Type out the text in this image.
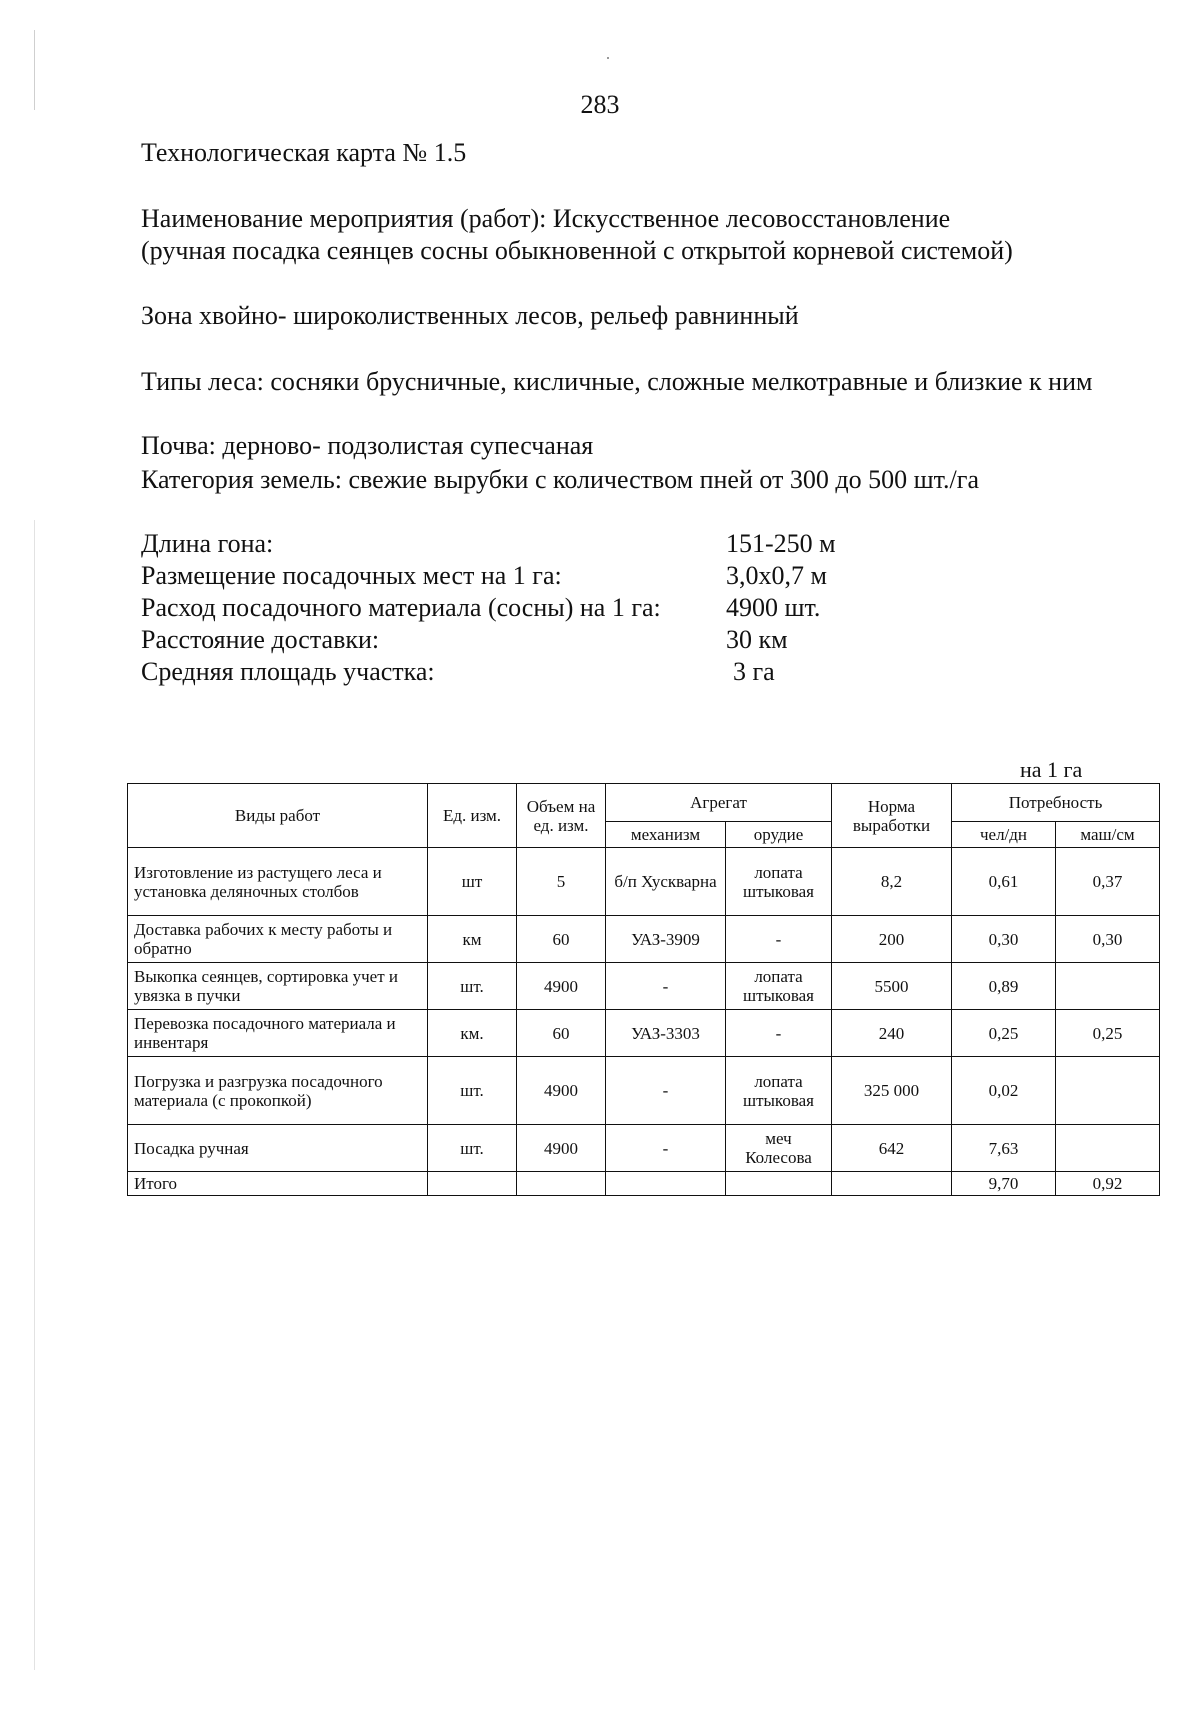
283
Технологическая карта № 1.5
Наименование мероприятия (работ): Искусственное лесовосстановление
(ручная посадка сеянцев сосны обыкновенной с открытой корневой системой)
Зона хвойно- широколиственных лесов, рельеф равнинный
Типы леса: сосняки брусничные, кисличные, сложные мелкотравные и близкие к ним
Почва: дерново- подзолистая супесчаная
Категория земель: свежие вырубки с количеством пней от 300 до 500 шт./га
Длина гона:	151-250 м
Размещение посадочных мест на 1 га:	3,0х0,7 м
Расход посадочного материала (сосны) на 1 га:	4900 шт.
Расстояние доставки:	30 км
Средняя площадь участка:	3 га
на 1 га
Виды работ	Ед. изм.	Объем на ед. изм.	Агрегат		Норма выработки	Потребность	
			механизм	орудие		чел/дн	маш/см
Изготовление из растущего леса и установка деляночных столбов	шт	5	б/п Хускварна	лопата штыковая	8,2	0,61	0,37
Доставка рабочих к месту работы и обратно	км	60	УАЗ-3909	-	200	0,30	0,30
Выкопка сеянцев, сортировка учет и увязка в пучки	шт.	4900	-	лопата штыковая	5500	0,89	
Перевозка посадочного материала и инвентаря	км.	60	УАЗ-3303	-	240	0,25	0,25
Погрузка и разгрузка посадочного материала (с прокопкой)	шт.	4900	-	лопата штыковая	325 000	0,02	
Посадка ручная	шт.	4900	-	меч Колесова	642	7,63	
Итого						9,70	0,92
